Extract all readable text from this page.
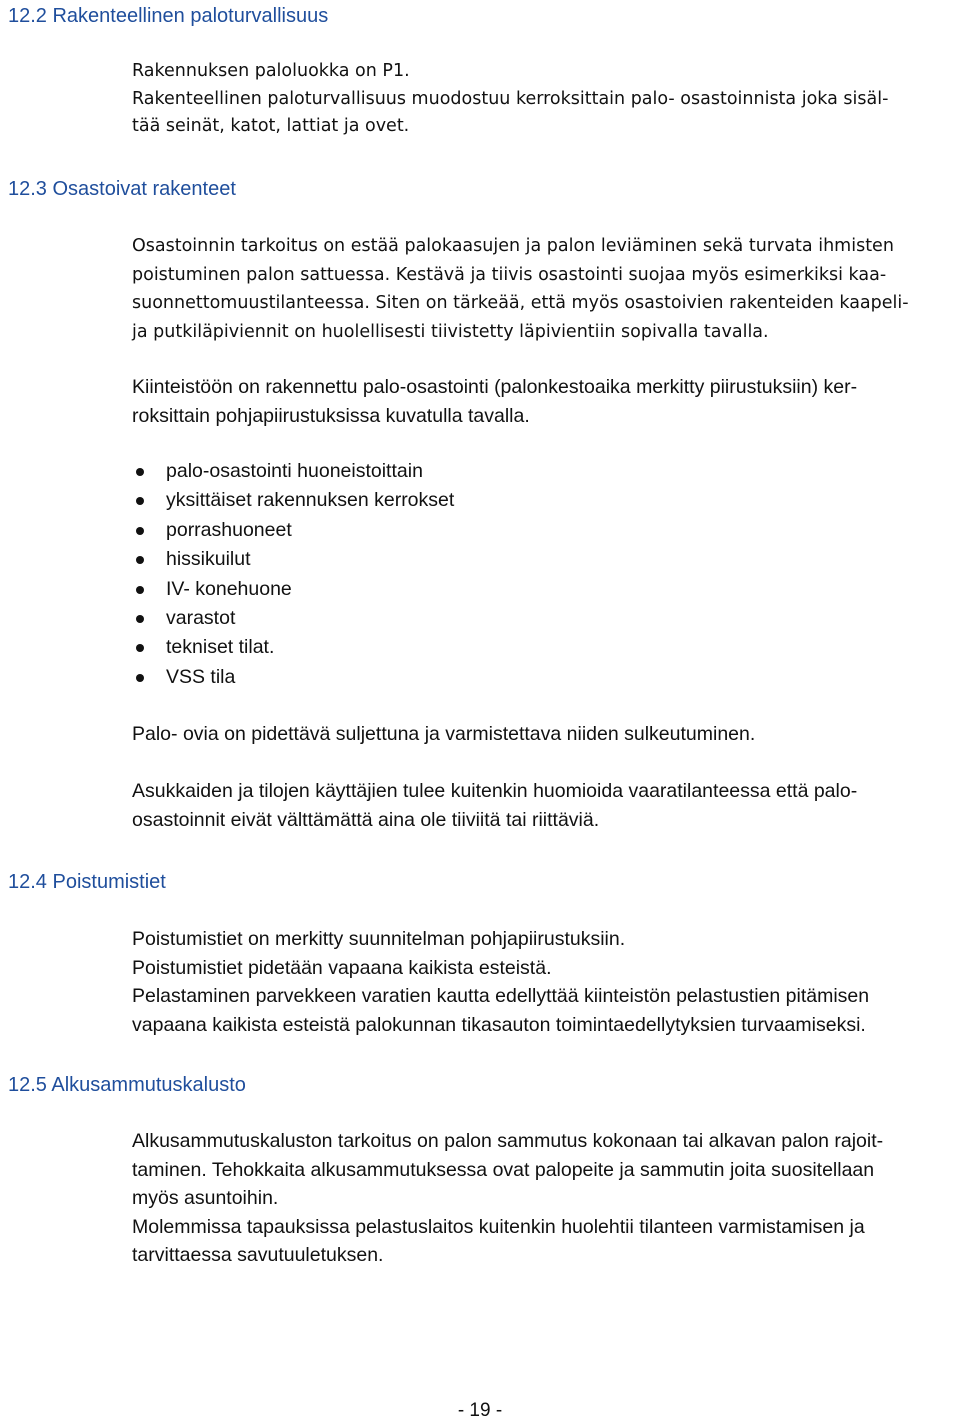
12.2 Rakenteellinen paloturvallisuus

Rakennuksen paloluokka on P1.
Rakenteellinen paloturvallisuus muodostuu kerroksittain palo- osastoinnista joka sisäl-
tää seinät, katot, lattiat ja ovet.

12.3 Osastoivat rakenteet

Osastoinnin tarkoitus on estää palokaasujen ja palon leviäminen sekä turvata ihmisten
poistuminen palon sattuessa. Kestävä ja tiivis osastointi suojaa myös esimerkiksi kaa-
suonnettomuustilanteessa. Siten on tärkeää, että myös osastoivien rakenteiden kaapeli-
ja putkiläpiviennit on huolellisesti tiivistetty läpivientiin sopivalla tavalla.

Kiinteistöön on rakennettu palo-osastointi (palonkestoaika merkitty piirustuksiin) ker-
roksittain pohjapiirustuksissa kuvatulla tavalla.

palo-osastointi huoneistoittain
yksittäiset rakennuksen kerrokset
porrashuoneet
hissikuilut
IV- konehuone
varastot
tekniset tilat.
VSS tila

Palo- ovia on pidettävä suljettuna ja varmistettava niiden sulkeutuminen.

Asukkaiden ja tilojen käyttäjien tulee kuitenkin huomioida vaaratilanteessa että palo-
osastoinnit eivät välttämättä aina ole tiiviitä tai riittäviä.

12.4 Poistumistiet

Poistumistiet on merkitty suunnitelman pohjapiirustuksiin.
Poistumistiet pidetään vapaana kaikista esteistä.
Pelastaminen parvekkeen varatien kautta edellyttää kiinteistön pelastustien pitämisen
vapaana kaikista esteistä palokunnan tikasauton toimintaedellytyksien turvaamiseksi.

12.5 Alkusammutuskalusto

Alkusammutuskaluston tarkoitus on palon sammutus kokonaan tai alkavan palon rajoit-
taminen. Tehokkaita alkusammutuksessa ovat palopeite ja sammutin joita suositellaan
myös asuntoihin.
Molemmissa tapauksissa pelastuslaitos kuitenkin huolehtii tilanteen varmistamisen ja
tarvittaessa savutuuletuksen.

- 19 -
